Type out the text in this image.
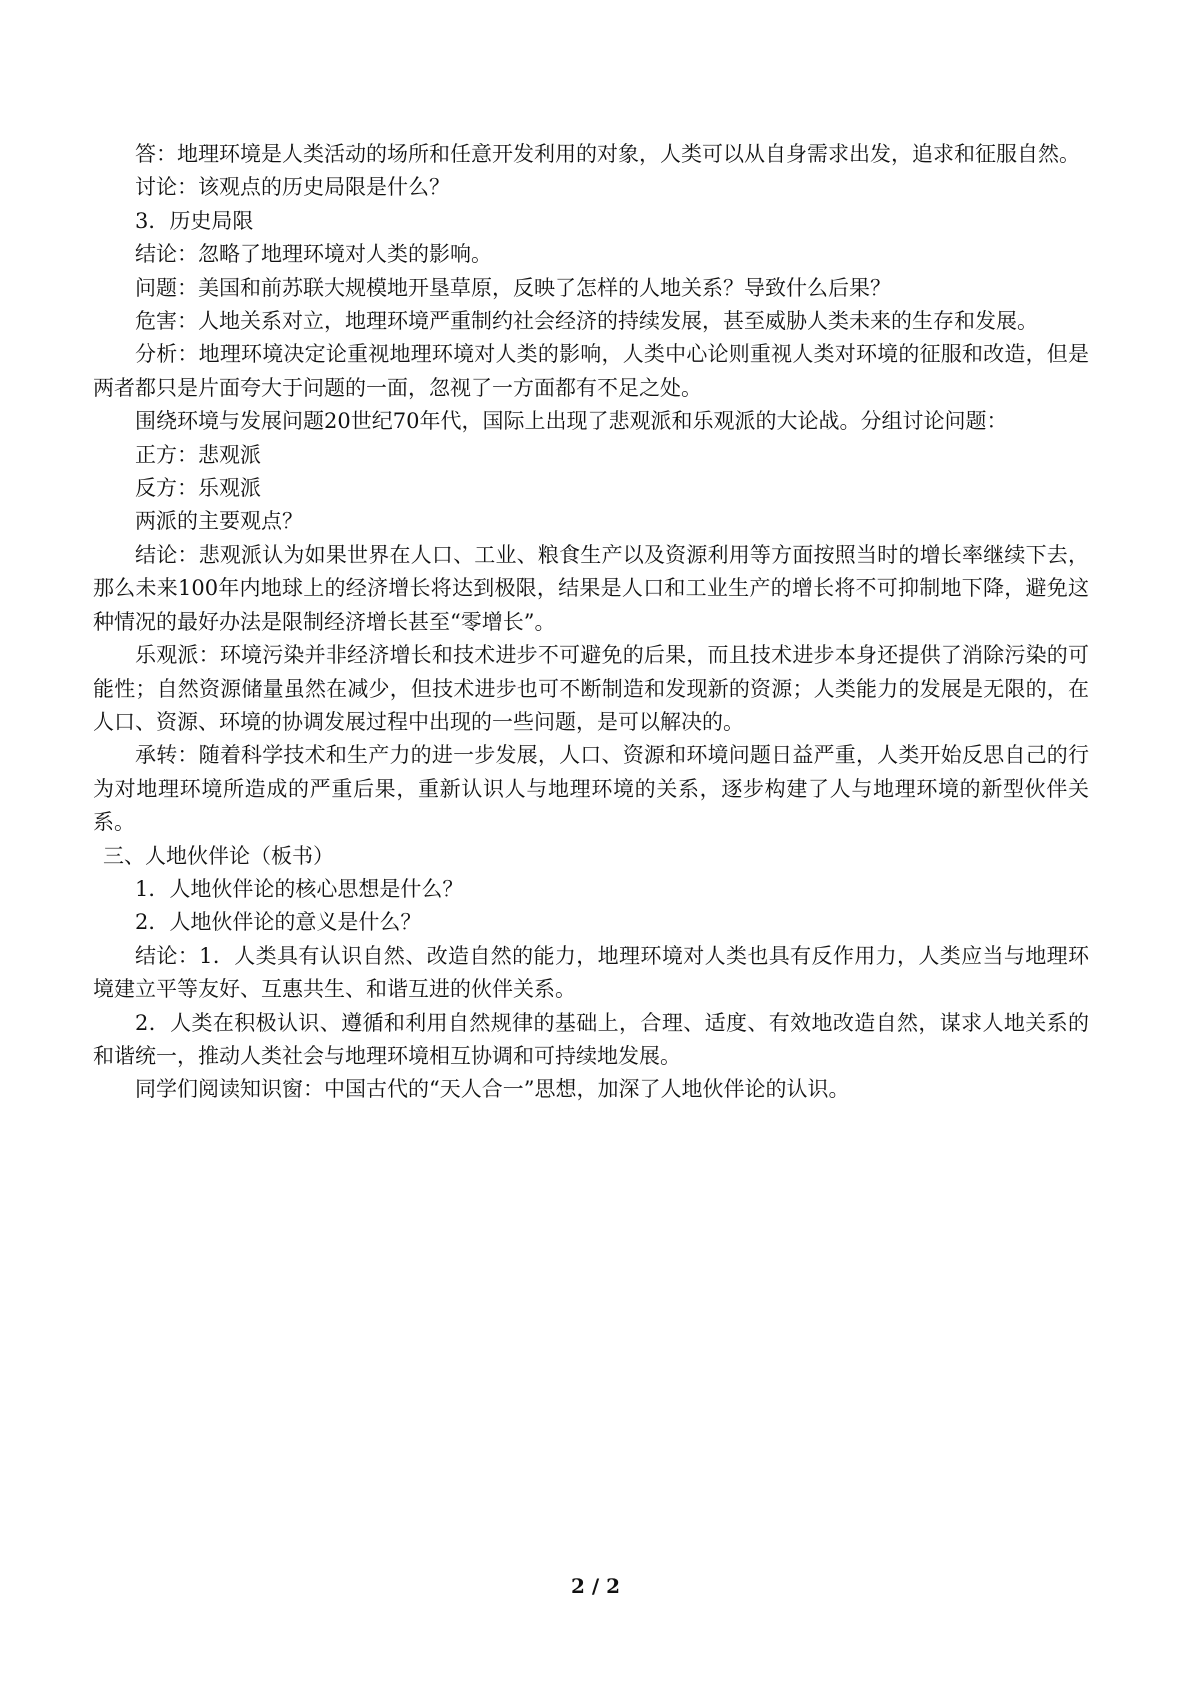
答：地理环境是人类活动的场所和任意开发利用的对象，人类可以从自身需求出发，追求和征服自然。

讨论：该观点的历史局限是什么？

3．历史局限

结论：忽略了地理环境对人类的影响。

问题：美国和前苏联大规模地开垦草原，反映了怎样的人地关系？导致什么后果？

危害：人地关系对立，地理环境严重制约社会经济的持续发展，甚至威胁人类未来的生存和发展。

分析：地理环境决定论重视地理环境对人类的影响，人类中心论则重视人类对环境的征服和改造，但是两者都只是片面夸大于问题的一面，忽视了一方面都有不足之处。

围绕环境与发展问题20世纪70年代，国际上出现了悲观派和乐观派的大论战。分组讨论问题：

正方：悲观派

反方：乐观派

两派的主要观点？

结论：悲观派认为如果世界在人口、工业、粮食生产以及资源利用等方面按照当时的增长率继续下去，那么未来100年内地球上的经济增长将达到极限，结果是人口和工业生产的增长将不可抑制地下降，避免这种情况的最好办法是限制经济增长甚至“零增长”。

乐观派：环境污染并非经济增长和技术进步不可避免的后果，而且技术进步本身还提供了消除污染的可能性；自然资源储量虽然在减少，但技术进步也可不断制造和发现新的资源；人类能力的发展是无限的，在人口、资源、环境的协调发展过程中出现的一些问题，是可以解决的。

承转：随着科学技术和生产力的进一步发展，人口、资源和环境问题日益严重，人类开始反思自己的行为对地理环境所造成的严重后果，重新认识人与地理环境的关系，逐步构建了人与地理环境的新型伙伴关系。

三、人地伙伴论（板书）

1．人地伙伴论的核心思想是什么？

2．人地伙伴论的意义是什么？

结论：1．人类具有认识自然、改造自然的能力，地理环境对人类也具有反作用力，人类应当与地理环境建立平等友好、互惠共生、和谐互进的伙伴关系。

2．人类在积极认识、遵循和利用自然规律的基础上，合理、适度、有效地改造自然，谋求人地关系的和谐统一，推动人类社会与地理环境相互协调和可持续地发展。

同学们阅读知识窗：中国古代的“天人合一”思想，加深了人地伙伴论的认识。

2 / 2
